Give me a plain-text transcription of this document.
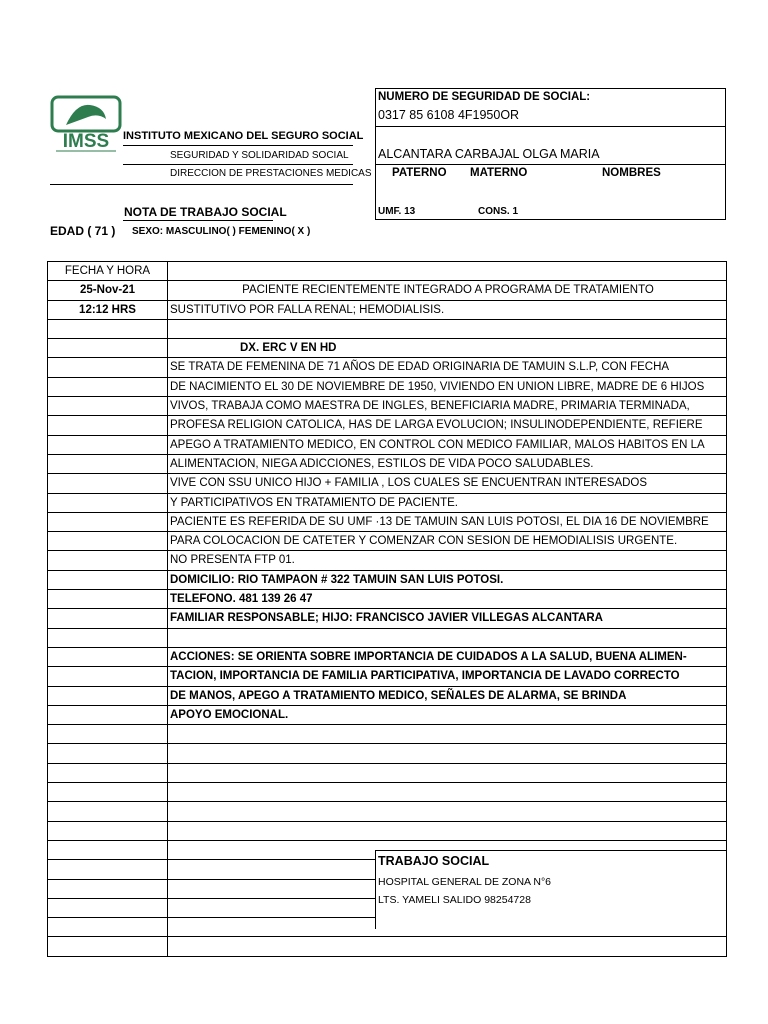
IMSS INSTITUTO MEXICANO DEL SEGURO SOCIAL
SEGURIDAD Y SOLIDARIDAD SOCIAL
DIRECCION DE PRESTACIONES MEDICAS
NOTA DE TRABAJO SOCIAL
EDAD ( 71 ) SEXO: MASCULINO( ) FEMENINO( X )
NUMERO DE SEGURIDAD DE SOCIAL:
0317 85 6108 4F1950OR
ALCANTARA CARBAJAL OLGA MARIA
PATERNO MATERNO	NOMBRES
UMF. 13	CONS. 1
FECHA Y HORA
25-Nov-21	PACIENTE RECIENTEMENTE INTEGRADO A PROGRAMA DE TRATAMIENTO
12:12 HRS	SUSTITUTIVO POR FALLA RENAL; HEMODIALISIS.
DX. ERC V EN HD
SE TRATA DE FEMENINA DE 71 AÑOS DE EDAD ORIGINARIA DE TAMUIN S.L.P, CON FECHA
DE NACIMIENTO EL 30 DE NOVIEMBRE DE 1950, VIVIENDO EN UNION LIBRE, MADRE DE 6 HIJOS
VIVOS, TRABAJA COMO MAESTRA DE INGLES, BENEFICIARIA MADRE, PRIMARIA TERMINADA,
PROFESA RELIGION CATOLICA, HAS DE LARGA EVOLUCION; INSULINODEPENDIENTE, REFIERE
APEGO A TRATAMIENTO MEDICO, EN CONTROL CON MEDICO FAMILIAR, MALOS HABITOS EN LA
ALIMENTACION, NIEGA ADICCIONES, ESTILOS DE VIDA POCO SALUDABLES.
VIVE CON SSU UNICO HIJO + FAMILIA , LOS CUALES SE ENCUENTRAN INTERESADOS
Y PARTICIPATIVOS EN TRATAMIENTO DE PACIENTE.
PACIENTE ES REFERIDA DE SU UMF ·13 DE TAMUIN SAN LUIS POTOSI, EL DIA 16 DE NOVIEMBRE
PARA COLOCACION DE CATETER Y COMENZAR CON SESION DE HEMODIALISIS URGENTE.
NO PRESENTA FTP 01.
DOMICILIO: RIO TAMPAON # 322 TAMUIN SAN LUIS POTOSI.
TELEFONO. 481 139 26 47
FAMILIAR RESPONSABLE; HIJO: FRANCISCO JAVIER VILLEGAS ALCANTARA
ACCIONES: SE ORIENTA SOBRE IMPORTANCIA DE CUIDADOS A LA SALUD, BUENA ALIMEN-
TACION, IMPORTANCIA DE FAMILIA PARTICIPATIVA, IMPORTANCIA DE LAVADO CORRECTO
DE MANOS, APEGO A TRATAMIENTO MEDICO, SEÑALES DE ALARMA, SE BRINDA
APOYO EMOCIONAL.
TRABAJO SOCIAL
HOSPITAL GENERAL DE ZONA N°6
LTS. YAMELI SALIDO 98254728
